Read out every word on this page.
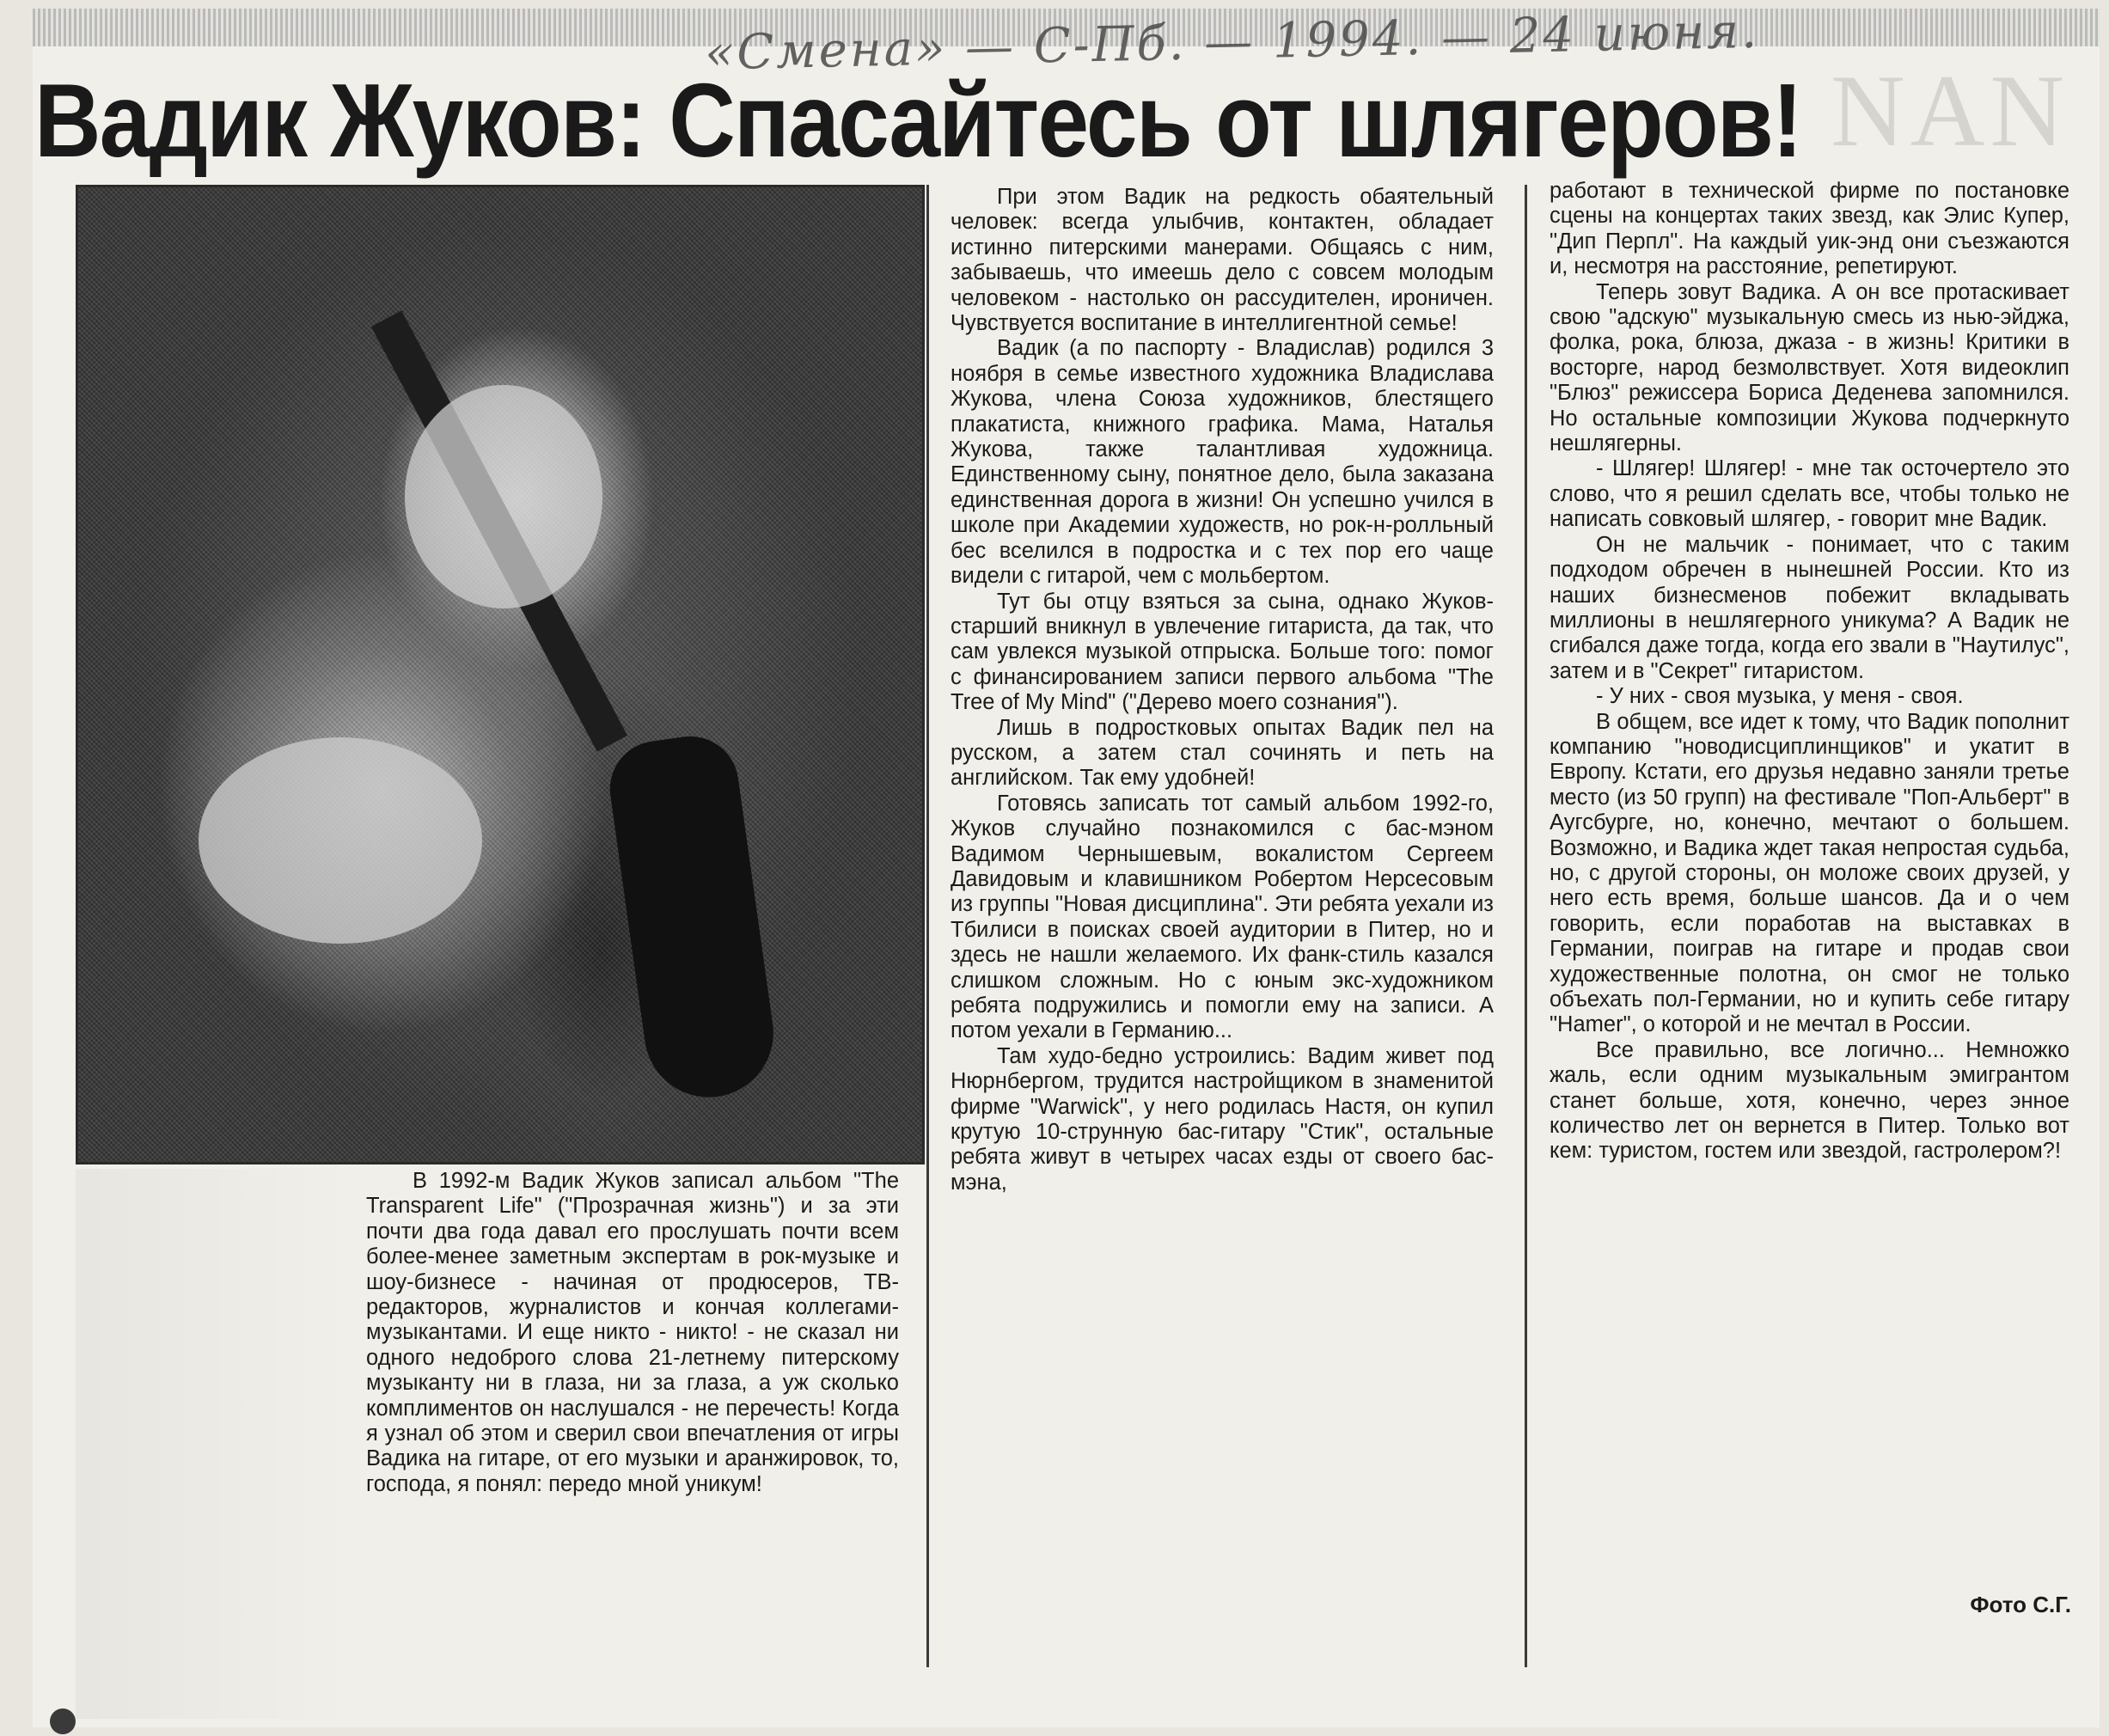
NAN
«Смена» — С-Пб. — 1994. — 24 июня.
Вадик Жуков: Спасайтесь от шлягеров!

В 1992-м Вадик Жуков записал альбом "The Transparent Life" ("Прозрачная жизнь") и за эти почти два года давал его прослушать почти всем более-менее заметным экспертам в рок-музыке и шоу-бизнесе - начиная от продюсеров, ТВ-редакторов, журналистов и кончая коллегами-музыкантами. И еще никто - никто! - не сказал ни одного недоброго слова 21-летнему питерскому музыканту ни в глаза, ни за глаза, а уж сколько комплиментов он наслушался - не перечесть! Когда я узнал об этом и сверил свои впечатления от игры Вадика на гитаре, от его музыки и аранжировок, то, господа, я понял: передо мной уникум!

При этом Вадик на редкость обаятельный человек: всегда улыбчив, контактен, обладает истинно питерскими манерами. Общаясь с ним, забываешь, что имеешь дело с совсем молодым человеком - настолько он рассудителен, ироничен. Чувствуется воспитание в интеллигентной семье!

Вадик (а по паспорту - Владислав) родился 3 ноября в семье известного художника Владислава Жукова, члена Союза художников, блестящего плакатиста, книжного графика. Мама, Наталья Жукова, также талантливая художница. Единственному сыну, понятное дело, была заказана единственная дорога в жизни! Он успешно учился в школе при Академии художеств, но рок-н-ролльный бес вселился в подростка и с тех пор его чаще видели с гитарой, чем с мольбертом.

Тут бы отцу взяться за сына, однако Жуков-старший вникнул в увлечение гитариста, да так, что сам увлекся музыкой отпрыска. Больше того: помог с финансированием записи первого альбома "The Tree of My Mind" ("Дерево моего сознания").

Лишь в подростковых опытах Вадик пел на русском, а затем стал сочинять и петь на английском. Так ему удобней!

Готовясь записать тот самый альбом 1992-го, Жуков случайно познакомился с бас-мэном Вадимом Чернышевым, вокалистом Сергеем Давидовым и клавишником Робертом Нерсесовым из группы "Новая дисциплина". Эти ребята уехали из Тбилиси в поисках своей аудитории в Питер, но и здесь не нашли желаемого. Их фанк-стиль казался слишком сложным. Но с юным экс-художником ребята подружились и помогли ему на записи. А потом уехали в Германию...

Там худо-бедно устроились: Вадим живет под Нюрнбергом, трудится настройщиком в знаменитой фирме "Warwick", у него родилась Настя, он купил крутую 10-струнную бас-гитару "Стик", остальные ребята живут в четырех часах езды от своего бас-мэна,

работают в технической фирме по постановке сцены на концертах таких звезд, как Элис Купер, "Дип Перпл". На каждый уик-энд они съезжаются и, несмотря на расстояние, репетируют.

Теперь зовут Вадика. А он все протаскивает свою "адскую" музыкальную смесь из нью-эйджа, фолка, рока, блюза, джаза - в жизнь! Критики в восторге, народ безмолвствует. Хотя видеоклип "Блюз" режиссера Бориса Деденева запомнился. Но остальные композиции Жукова подчеркнуто нешлягерны.

- Шлягер! Шлягер! - мне так осточертело это слово, что я решил сделать все, чтобы только не написать совковый шлягер, - говорит мне Вадик.

Он не мальчик - понимает, что с таким подходом обречен в нынешней России. Кто из наших бизнесменов побежит вкладывать миллионы в нешлягерного уникума? А Вадик не сгибался даже тогда, когда его звали в "Наутилус", затем и в "Секрет" гитаристом.

- У них - своя музыка, у меня - своя.

В общем, все идет к тому, что Вадик пополнит компанию "новодисциплинщиков" и укатит в Европу. Кстати, его друзья недавно заняли третье место (из 50 групп) на фестивале "Поп-Альберт" в Аугсбурге, но, конечно, мечтают о большем. Возможно, и Вадика ждет такая непростая судьба, но, с другой стороны, он моложе своих друзей, у него есть время, больше шансов. Да и о чем говорить, если поработав на выставках в Германии, поиграв на гитаре и продав свои художественные полотна, он смог не только объехать пол-Германии, но и купить себе гитару "Hamer", о которой и не мечтал в России.

Все правильно, все логично... Немножко жаль, если одним музыкальным эмигрантом станет больше, хотя, конечно, через энное количество лет он вернется в Питер. Только вот кем: туристом, гостем или звездой, гастролером?!

Фото С.Г.
